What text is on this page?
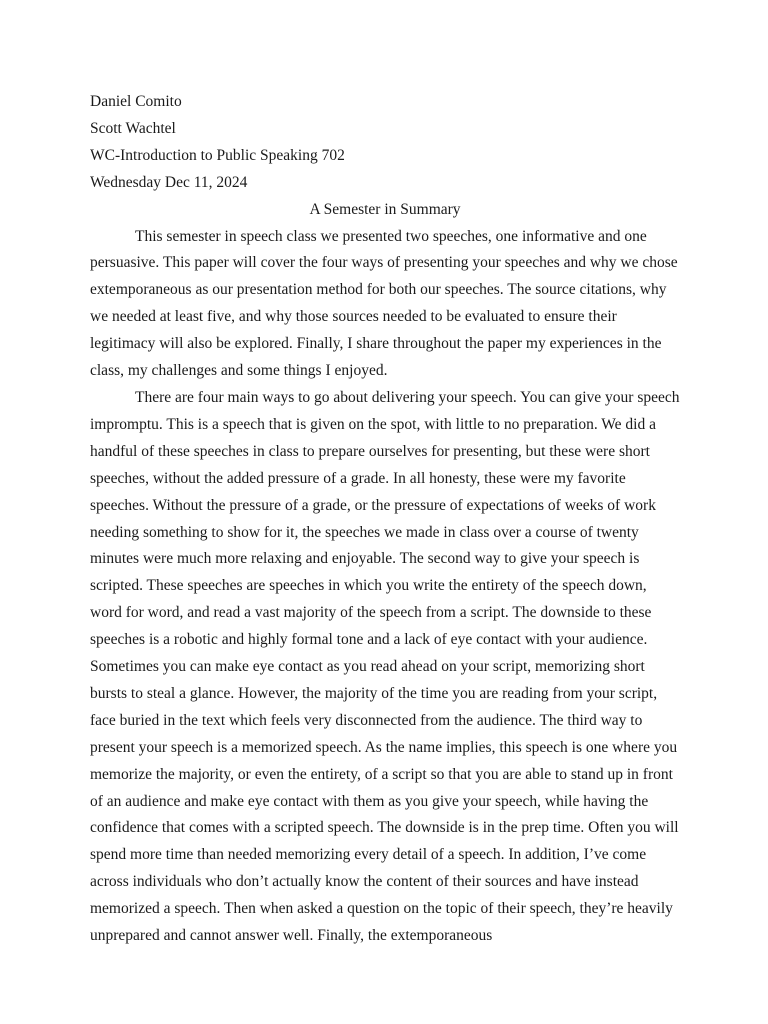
Daniel Comito

Scott Wachtel

WC-Introduction to Public Speaking 702

Wednesday Dec 11, 2024

A Semester in Summary

This semester in speech class we presented two speeches, one informative and one persuasive. This paper will cover the four ways of presenting your speeches and why we chose extemporaneous as our presentation method for both our speeches. The source citations, why we needed at least five, and why those sources needed to be evaluated to ensure their legitimacy will also be explored. Finally, I share throughout the paper my experiences in the class, my challenges and some things I enjoyed.

There are four main ways to go about delivering your speech. You can give your speech impromptu. This is a speech that is given on the spot, with little to no preparation. We did a handful of these speeches in class to prepare ourselves for presenting, but these were short speeches, without the added pressure of a grade. In all honesty, these were my favorite speeches. Without the pressure of a grade, or the pressure of expectations of weeks of work needing something to show for it, the speeches we made in class over a course of twenty minutes were much more relaxing and enjoyable. The second way to give your speech is scripted. These speeches are speeches in which you write the entirety of the speech down, word for word, and read a vast majority of the speech from a script. The downside to these speeches is a robotic and highly formal tone and a lack of eye contact with your audience. Sometimes you can make eye contact as you read ahead on your script, memorizing short bursts to steal a glance. However, the majority of the time you are reading from your script, face buried in the text which feels very disconnected from the audience. The third way to present your speech is a memorized speech. As the name implies, this speech is one where you memorize the majority, or even the entirety, of a script so that you are able to stand up in front of an audience and make eye contact with them as you give your speech, while having the confidence that comes with a scripted speech. The downside is in the prep time. Often you will spend more time than needed memorizing every detail of a speech. In addition, I’ve come across individuals who don’t actually know the content of their sources and have instead memorized a speech. Then when asked a question on the topic of their speech, they’re heavily unprepared and cannot answer well. Finally, the extemporaneous
